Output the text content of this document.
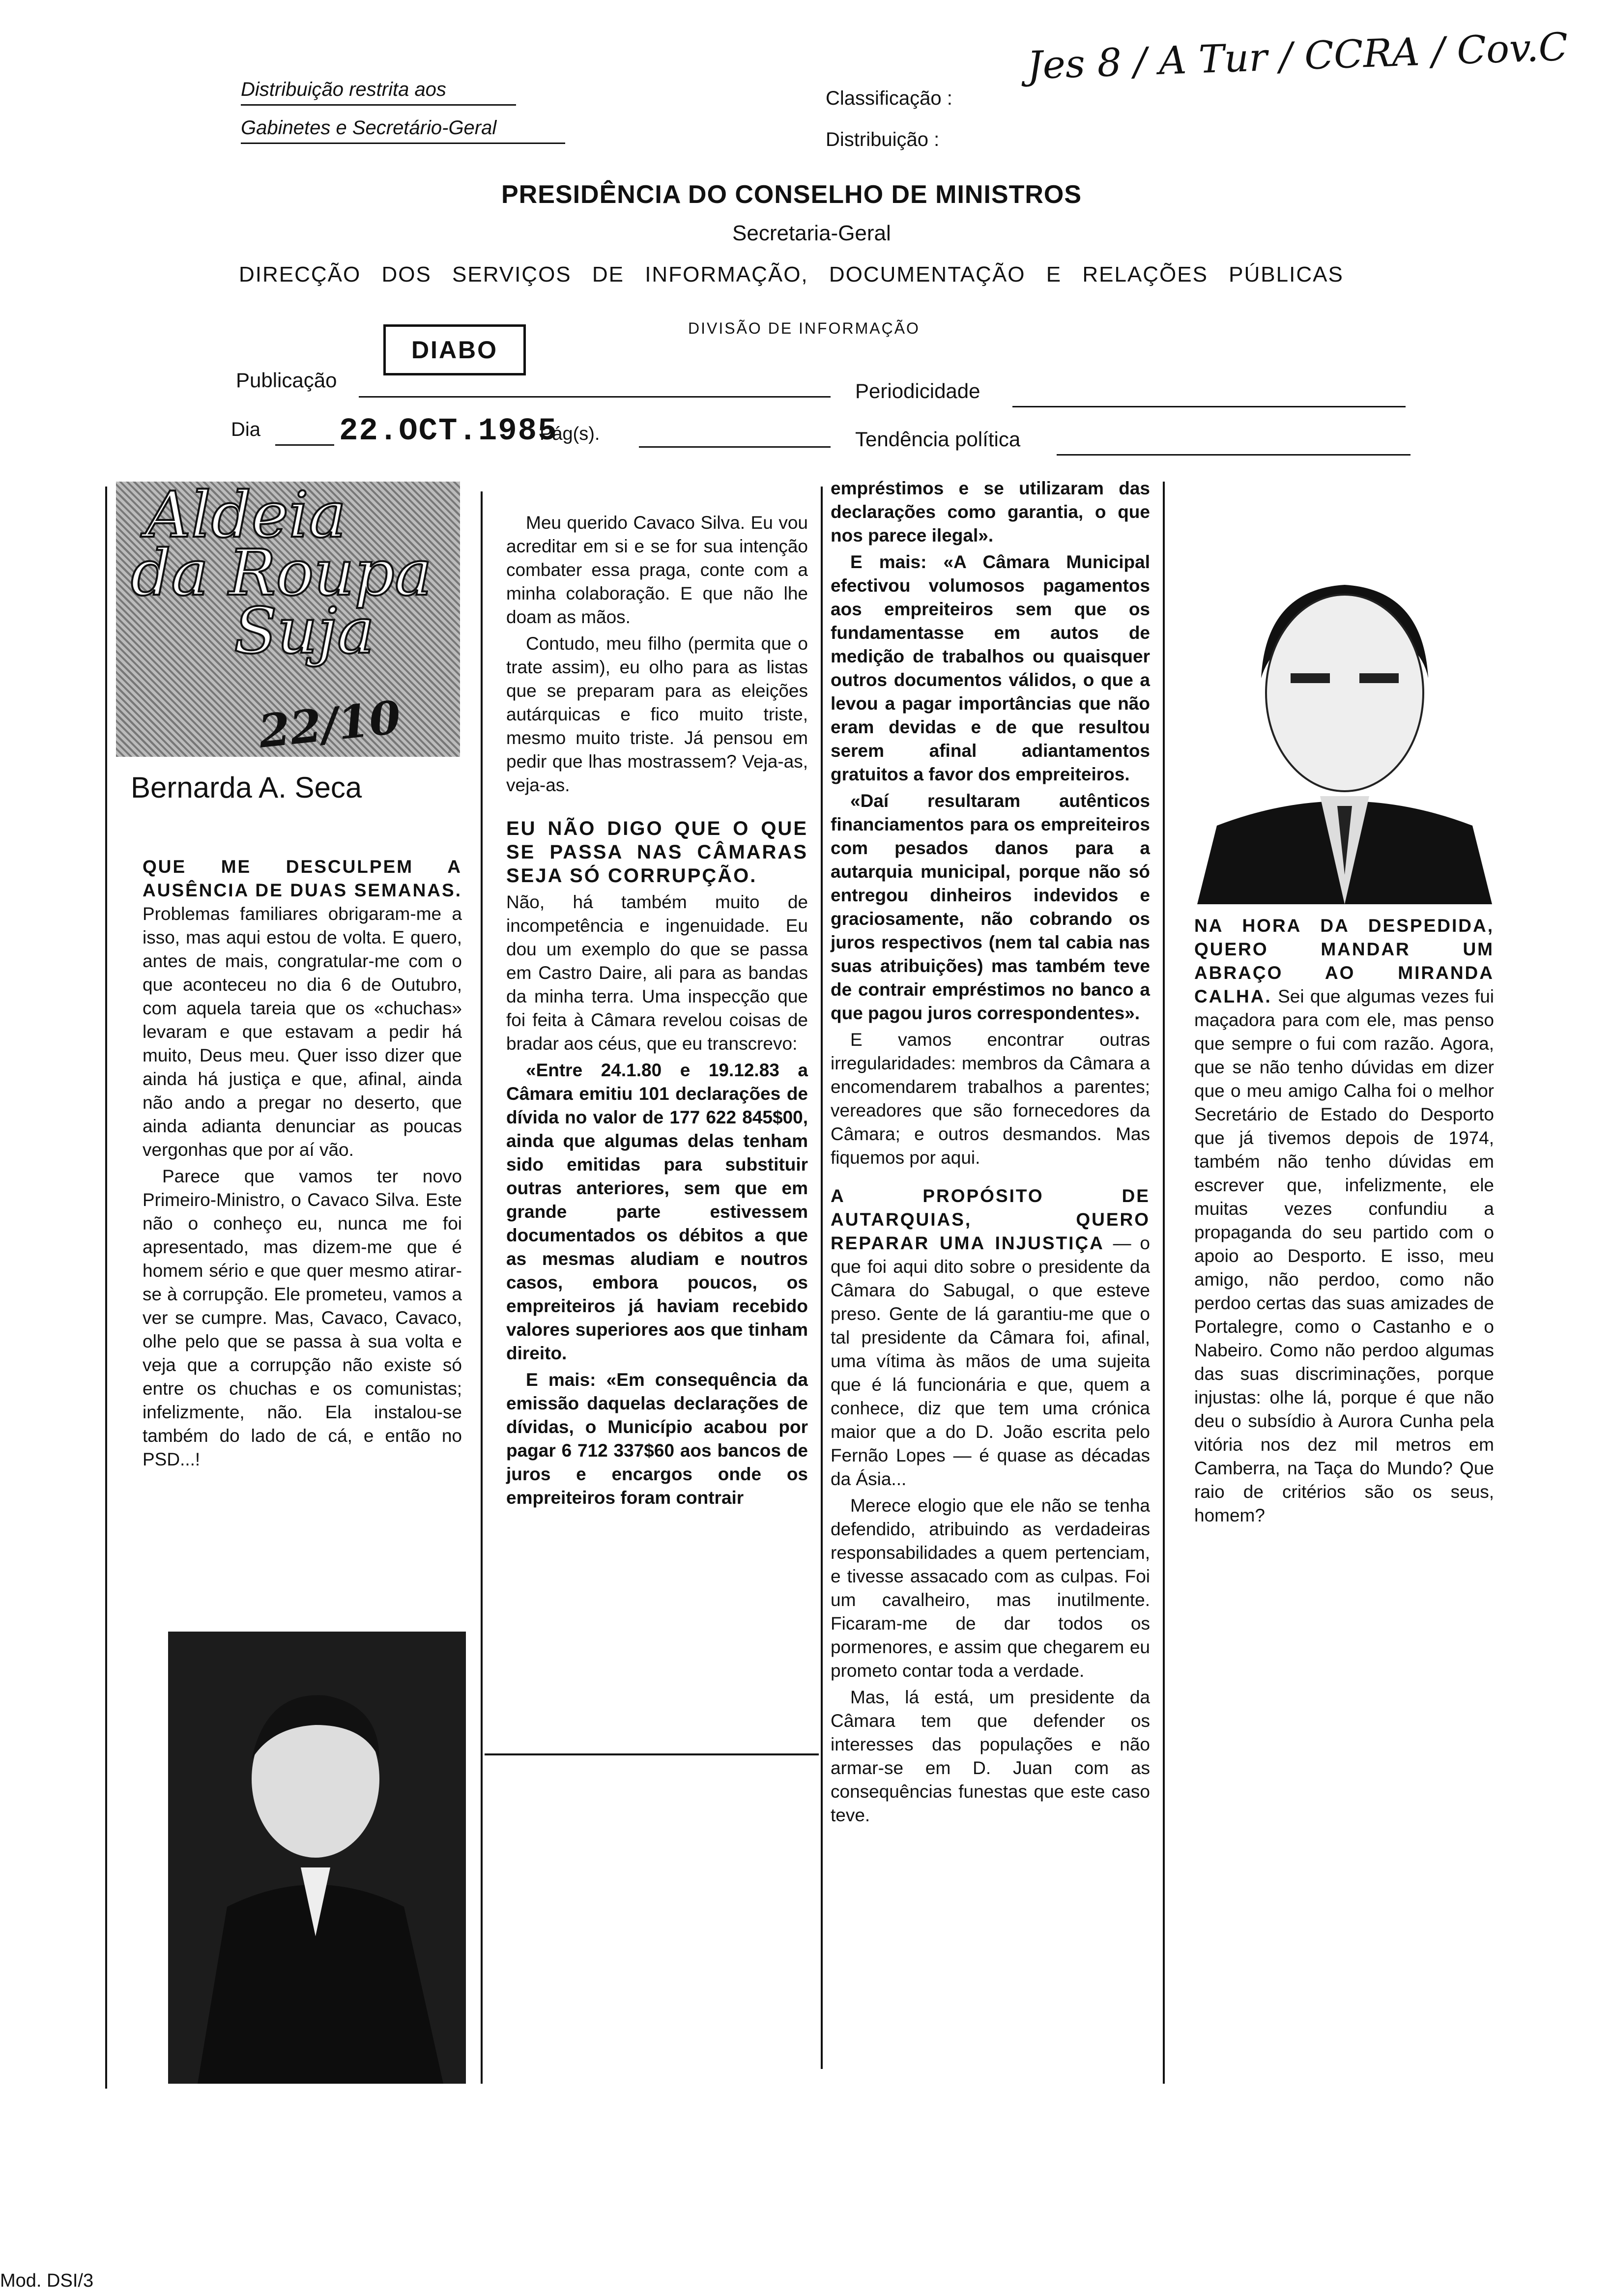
Distribuição restrita aos
Gabinetes e Secretário-Geral
Classificação :
Distribuição :
Jes 8 / A Tur / CCRA / Cov.C
PRESIDÊNCIA DO CONSELHO DE MINISTROS
Secretaria-Geral
DIRECÇÃO DOS SERVIÇOS DE INFORMAÇÃO, DOCUMENTAÇÃO E RELAÇÕES PÚBLICAS
DIVISÃO DE INFORMAÇÃO
DIABO
Publicação	Periodicidade
Dia 22.OCT.1985
Pág(s).	Tendência política
Aldeia
da Roupa
Suja
22/10
Bernarda A. Seca

QUE ME DESCULPEM A AUSÊNCIA DE DUAS SEMANAS. Problemas familiares obrigaram-me a isso, mas aqui estou de volta. E quero, antes de mais, congratular-me com o que aconteceu no dia 6 de Outubro, com aquela tareia que os «chuchas» levaram e que estavam a pedir há muito, Deus meu. Quer isso dizer que ainda há justiça e que, afinal, ainda não ando a pregar no deserto, que ainda adianta denunciar as poucas vergonhas que por aí vão.

Parece que vamos ter novo Primeiro-Ministro, o Cavaco Silva. Este não o conheço eu, nunca me foi apresentado, mas dizem-me que é homem sério e que quer mesmo atirar-se à corrupção. Ele prometeu, vamos a ver se cumpre. Mas, Cavaco, Cavaco, olhe pelo que se passa à sua volta e veja que a corrupção não existe só entre os chuchas e os comunistas; infelizmente, não. Ela instalou-se também do lado de cá, e então no PSD...!

Meu querido Cavaco Silva. Eu vou acreditar em si e se for sua intenção combater essa praga, conte com a minha colaboração. E que não lhe doam as mãos.

Contudo, meu filho (permita que o trate assim), eu olho para as listas que se preparam para as eleições autárquicas e fico muito triste, mesmo muito triste. Já pensou em pedir que lhas mostrassem? Veja-as, veja-as.

EU NÃO DIGO QUE O QUE SE PASSA NAS CÂMARAS SEJA SÓ CORRUPÇÃO.

Não, há também muito de incompetência e ingenuidade. Eu dou um exemplo do que se passa em Castro Daire, ali para as bandas da minha terra. Uma inspecção que foi feita à Câmara revelou coisas de bradar aos céus, que eu transcrevo:

«Entre 24.1.80 e 19.12.83 a Câmara emitiu 101 declarações de dívida no valor de 177 622 845$00, ainda que algumas delas tenham sido emitidas para substituir outras anteriores, sem que em grande parte estivessem documentados os débitos a que as mesmas aludiam e noutros casos, embora poucos, os empreiteiros já haviam recebido valores superiores aos que tinham direito.

E mais: «Em consequência da emissão daquelas declarações de dívidas, o Município acabou por pagar 6 712 337$60 aos bancos de juros e encargos onde os empreiteiros foram contrair

empréstimos e se utilizaram das declarações como garantia, o que nos parece ilegal».

E mais: «A Câmara Municipal efectivou volumosos pagamentos aos empreiteiros sem que os fundamentasse em autos de medição de trabalhos ou quaisquer outros documentos válidos, o que a levou a pagar importâncias que não eram devidas e de que resultou serem afinal adiantamentos gratuitos a favor dos empreiteiros.

«Daí resultaram autênticos financiamentos para os empreiteiros com pesados danos para a autarquia municipal, porque não só entregou dinheiros indevidos e graciosamente, não cobrando os juros respectivos (nem tal cabia nas suas atribuições) mas também teve de contrair empréstimos no banco a que pagou juros correspondentes».

E vamos encontrar outras irregularidades: membros da Câmara a encomendarem trabalhos a parentes; vereadores que são fornecedores da Câmara; e outros desmandos. Mas fiquemos por aqui.

A PROPÓSITO DE AUTARQUIAS, QUERO REPARAR UMA INJUSTIÇA — o que foi aqui dito sobre o presidente da Câmara do Sabugal, o que esteve preso. Gente de lá garantiu-me que o tal presidente da Câmara foi, afinal, uma vítima às mãos de uma sujeita que é lá funcionária e que, quem a conhece, diz que tem uma crónica maior que a do D. João escrita pelo Fernão Lopes — é quase as décadas da Ásia...

Merece elogio que ele não se tenha defendido, atribuindo as verdadeiras responsabilidades a quem pertenciam, e tivesse assacado com as culpas. Foi um cavalheiro, mas inutilmente. Ficaram-me de dar todos os pormenores, e assim que chegarem eu prometo contar toda a verdade.

Mas, lá está, um presidente da Câmara tem que defender os interesses das populações e não armar-se em D. Juan com as consequências funestas que este caso teve.

NA HORA DA DESPEDIDA, QUERO MANDAR UM ABRAÇO AO MIRANDA CALHA. Sei que algumas vezes fui maçadora para com ele, mas penso que sempre o fui com razão. Agora, que se não tenho dúvidas em dizer que o meu amigo Calha foi o melhor Secretário de Estado do Desporto que já tivemos depois de 1974, também não tenho dúvidas em escrever que, infelizmente, ele muitas vezes confundiu a propaganda do seu partido com o apoio ao Desporto. E isso, meu amigo, não perdoo, como não perdoo certas das suas amizades de Portalegre, como o Castanho e o Nabeiro. Como não perdoo algumas das suas discriminações, porque injustas: olhe lá, porque é que não deu o subsídio à Aurora Cunha pela vitória nos dez mil metros em Camberra, na Taça do Mundo? Que raio de critérios são os seus, homem?

Mod. DSI/3
